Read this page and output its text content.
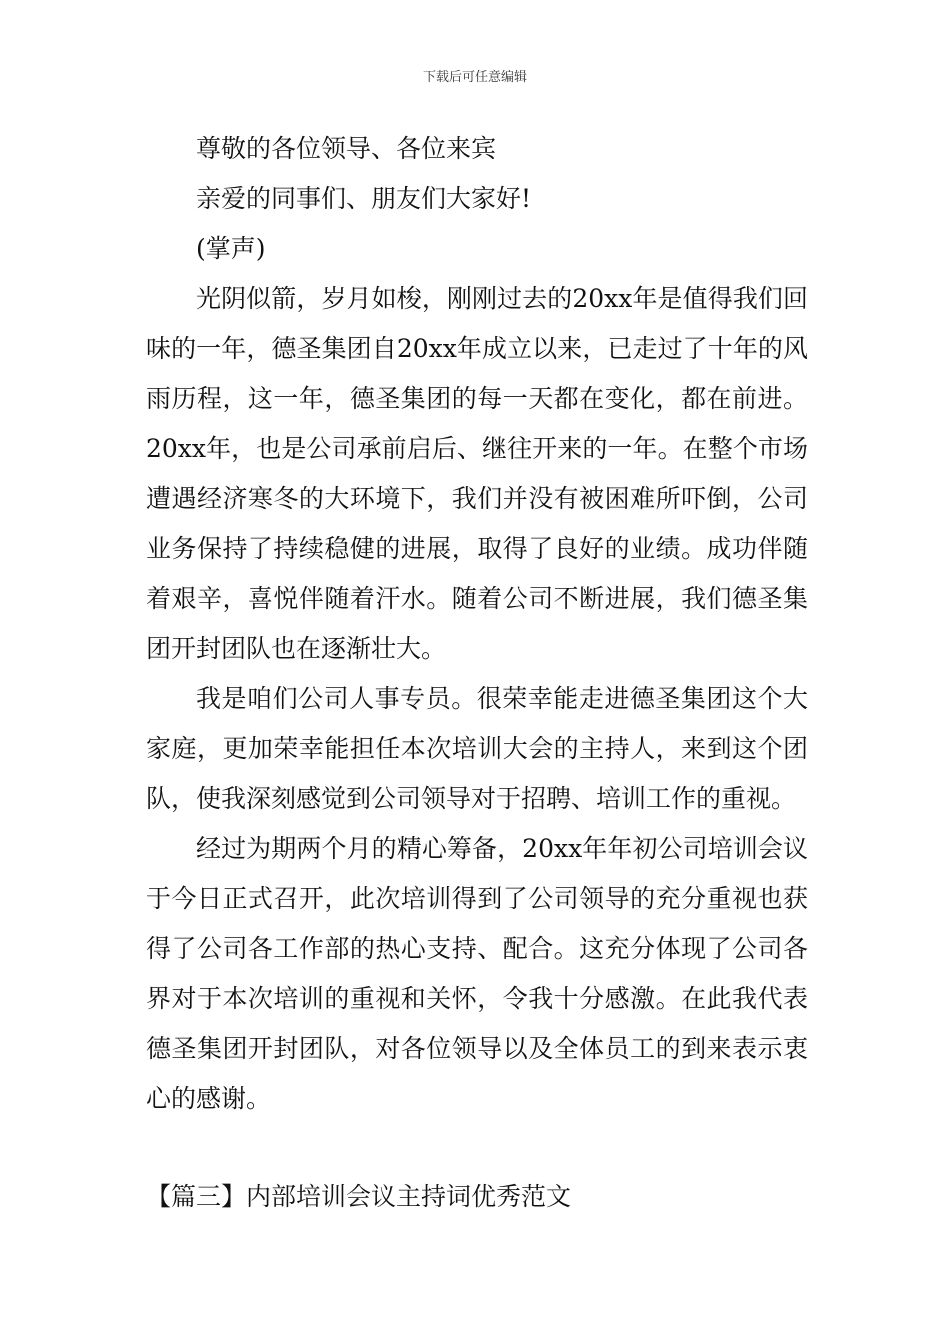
下载后可任意编辑

尊敬的各位领导、各位来宾

亲爱的同事们、朋友们大家好!

(掌声)

光阴似箭，岁月如梭，刚刚过去的20xx年是值得我们回味的一年，德圣集团自20xx年成立以来，已走过了十年的风雨历程，这一年，德圣集团的每一天都在变化，都在前进。20xx年，也是公司承前启后、继往开来的一年。在整个市场遭遇经济寒冬的大环境下，我们并没有被困难所吓倒，公司业务保持了持续稳健的进展，取得了良好的业绩。成功伴随着艰辛，喜悦伴随着汗水。随着公司不断进展，我们德圣集团开封团队也在逐渐壮大。

我是咱们公司人事专员。很荣幸能走进德圣集团这个大家庭，更加荣幸能担任本次培训大会的主持人，来到这个团队，使我深刻感觉到公司领导对于招聘、培训工作的重视。

经过为期两个月的精心筹备，20xx年年初公司培训会议于今日正式召开，此次培训得到了公司领导的充分重视也获得了公司各工作部的热心支持、配合。这充分体现了公司各界对于本次培训的重视和关怀，令我十分感激。在此我代表德圣集团开封团队，对各位领导以及全体员工的到来表示衷心的感谢。

【篇三】内部培训会议主持词优秀范文
